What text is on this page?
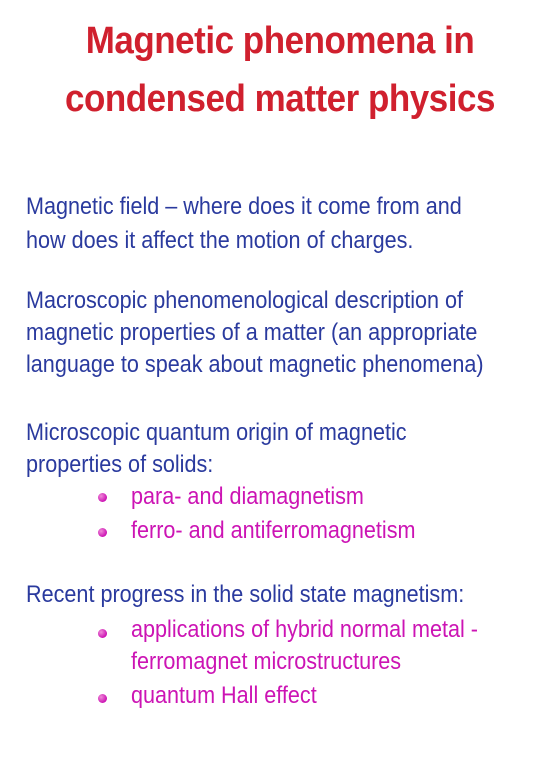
Magnetic phenomena in
condensed matter physics
Magnetic field – where does it come from and
how does it affect the motion of charges.
Macroscopic phenomenological description of
magnetic properties of a matter (an appropriate
language to speak about magnetic phenomena)
Microscopic quantum origin of magnetic
properties of solids:
para- and diamagnetism
ferro- and antiferromagnetism
Recent progress in the solid state magnetism:
applications of hybrid normal metal -
ferromagnet microstructures
quantum Hall effect
